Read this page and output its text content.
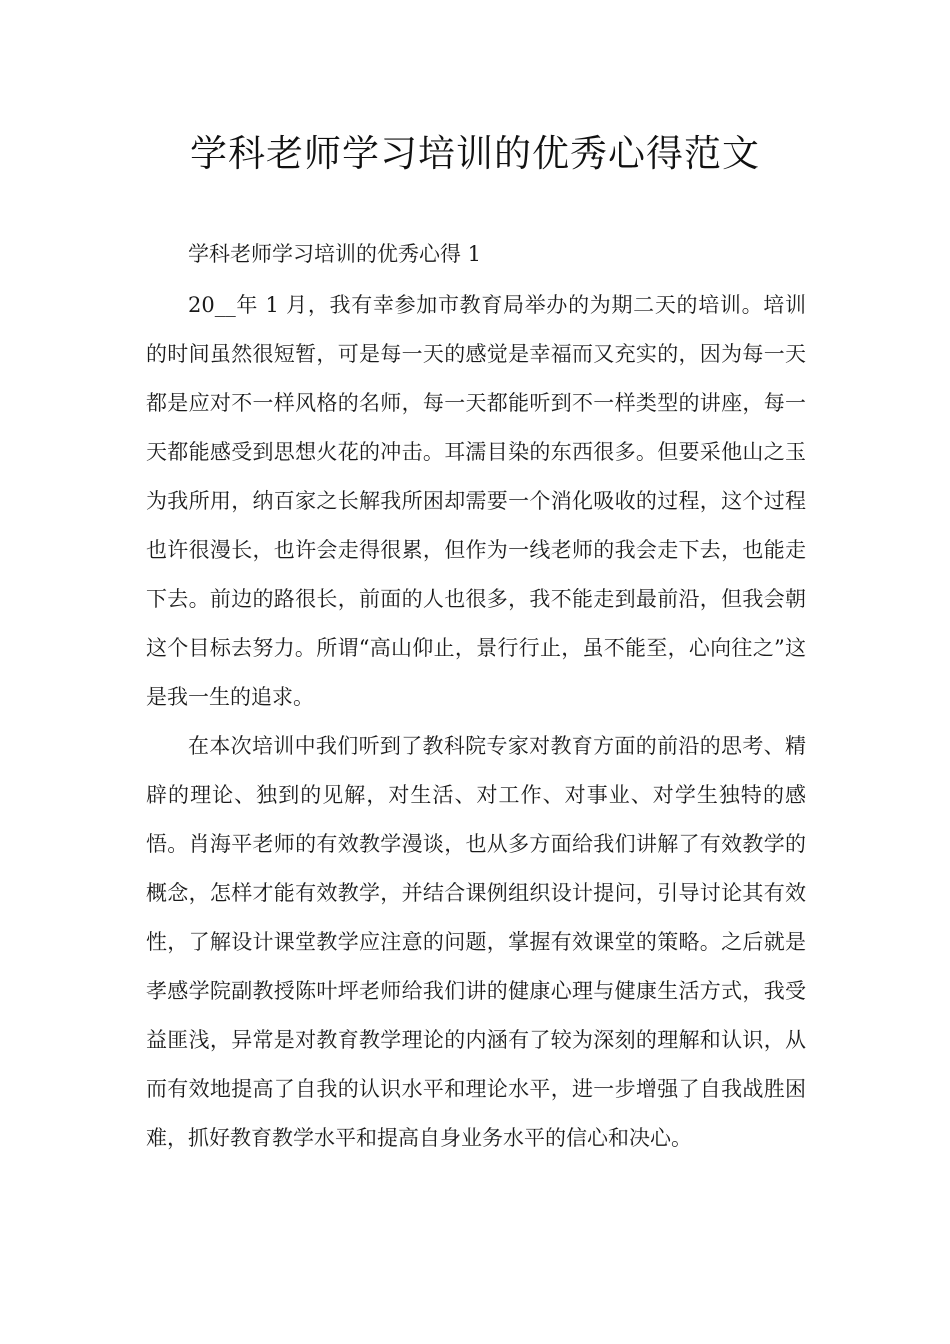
学科老师学习培训的优秀心得范文

学科老师学习培训的优秀心得 1

20__年 1 月，我有幸参加市教育局举办的为期二天的培训。培训的时间虽然很短暂，可是每一天的感觉是幸福而又充实的，因为每一天都是应对不一样风格的名师，每一天都能听到不一样类型的讲座，每一天都能感受到思想火花的冲击。耳濡目染的东西很多。但要采他山之玉为我所用，纳百家之长解我所困却需要一个消化吸收的过程，这个过程也许很漫长，也许会走得很累，但作为一线老师的我会走下去，也能走下去。前边的路很长，前面的人也很多，我不能走到最前沿，但我会朝这个目标去努力。所谓“高山仰止，景行行止，虽不能至，心向往之”这是我一生的追求。

在本次培训中我们听到了教科院专家对教育方面的前沿的思考、精辟的理论、独到的见解，对生活、对工作、对事业、对学生独特的感悟。肖海平老师的有效教学漫谈，也从多方面给我们讲解了有效教学的概念，怎样才能有效教学，并结合课例组织设计提问，引导讨论其有效性，了解设计课堂教学应注意的问题，掌握有效课堂的策略。之后就是孝感学院副教授陈叶坪老师给我们讲的健康心理与健康生活方式，我受益匪浅，异常是对教育教学理论的内涵有了较为深刻的理解和认识，从而有效地提高了自我的认识水平和理论水平，进一步增强了自我战胜困难，抓好教育教学水平和提高自身业务水平的信心和决心。
